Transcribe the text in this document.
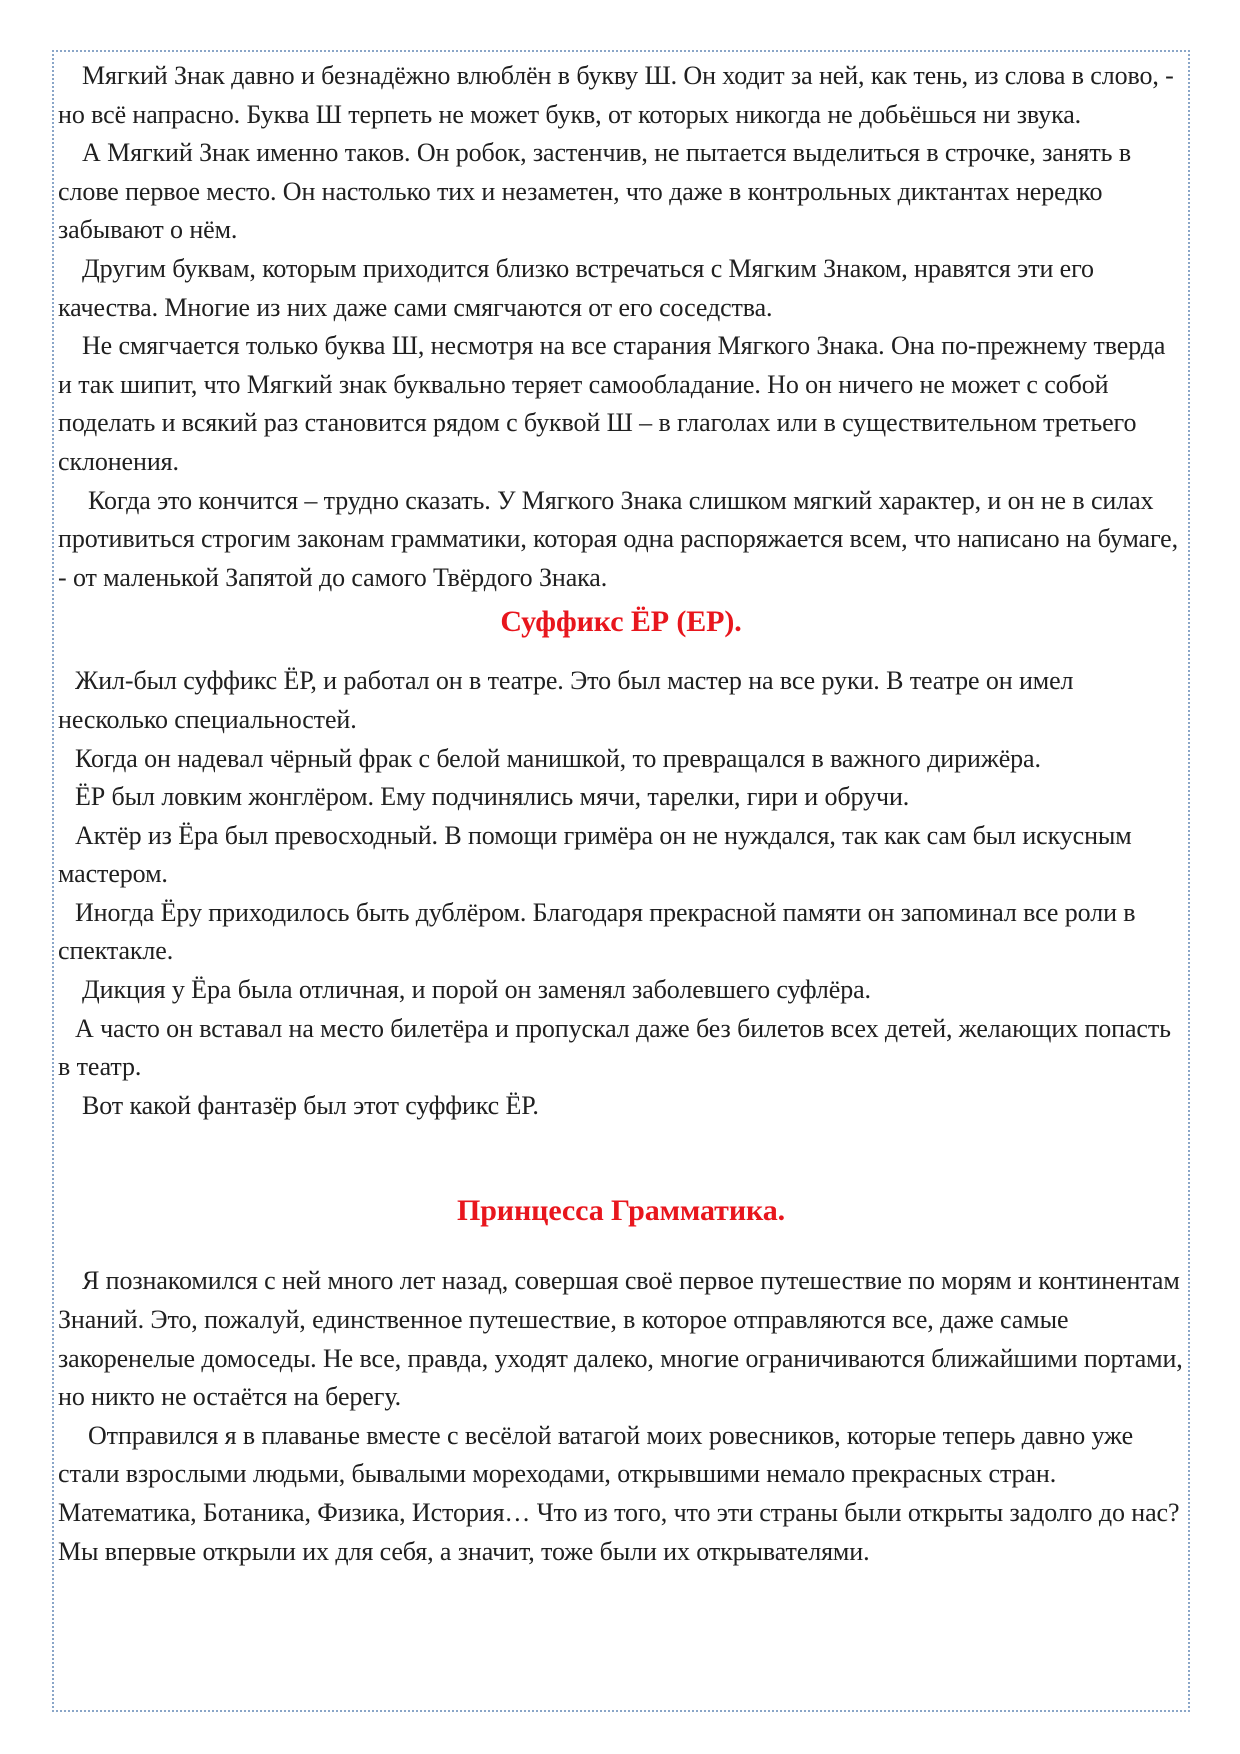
Мягкий Знак давно и безнадёжно влюблён в букву Ш. Он ходит за ней, как тень, из слова в слово, - но всё напрасно. Буква Ш терпеть не может букв, от которых никогда не добьёшься ни звука.

А Мягкий Знак именно таков. Он робок, застенчив, не пытается выделиться в строчке, занять в слове первое место. Он настолько тих и незаметен, что даже в контрольных диктантах нередко забывают о нём.

Другим буквам, которым приходится близко встречаться с Мягким Знаком, нравятся эти его качества. Многие из них даже сами смягчаются от его соседства.

Не смягчается только буква Ш, несмотря на все старания Мягкого Знака. Она по-прежнему тверда и так шипит, что Мягкий знак буквально теряет самообладание. Но он ничего не может с собой поделать и всякий раз становится рядом с буквой Ш – в глаголах или в существительном третьего склонения.

Когда это кончится – трудно сказать. У Мягкого Знака слишком мягкий характер, и он не в силах противиться строгим законам грамматики, которая одна распоряжается всем, что написано на бумаге, - от маленькой Запятой до самого Твёрдого Знака.

Суффикс ЁР (ЕР).

Жил-был суффикс ЁР, и работал он в театре. Это был мастер на все руки. В театре он имел несколько специальностей.

Когда он надевал чёрный фрак с белой манишкой, то превращался в важного дирижёра.

ЁР был ловким жонглёром. Ему подчинялись мячи, тарелки, гири и обручи.

Актёр из Ёра был превосходный. В помощи гримёра он не нуждался, так как сам был искусным мастером.

Иногда Ёру приходилось быть дублёром. Благодаря прекрасной памяти он запоминал все роли в спектакле.

Дикция у Ёра была отличная, и порой он заменял заболевшего суфлёра.

А часто он вставал на место билетёра и пропускал даже без билетов всех детей, желающих попасть в театр.

Вот какой фантазёр был этот суффикс ЁР.

Принцесса Грамматика.

Я познакомился с ней много лет назад, совершая своё первое путешествие по морям и континентам Знаний. Это, пожалуй, единственное путешествие, в которое отправляются все, даже самые закоренелые домоседы. Не все, правда, уходят далеко, многие ограничиваются ближайшими портами, но никто не остаётся на берегу.

Отправился я в плаванье вместе с весёлой ватагой моих ровесников, которые теперь давно уже стали взрослыми людьми, бывалыми мореходами, открывшими немало прекрасных стран. Математика, Ботаника, Физика, История… Что из того, что эти страны были открыты задолго до нас? Мы впервые открыли их для себя, а значит, тоже были их открывателями.
